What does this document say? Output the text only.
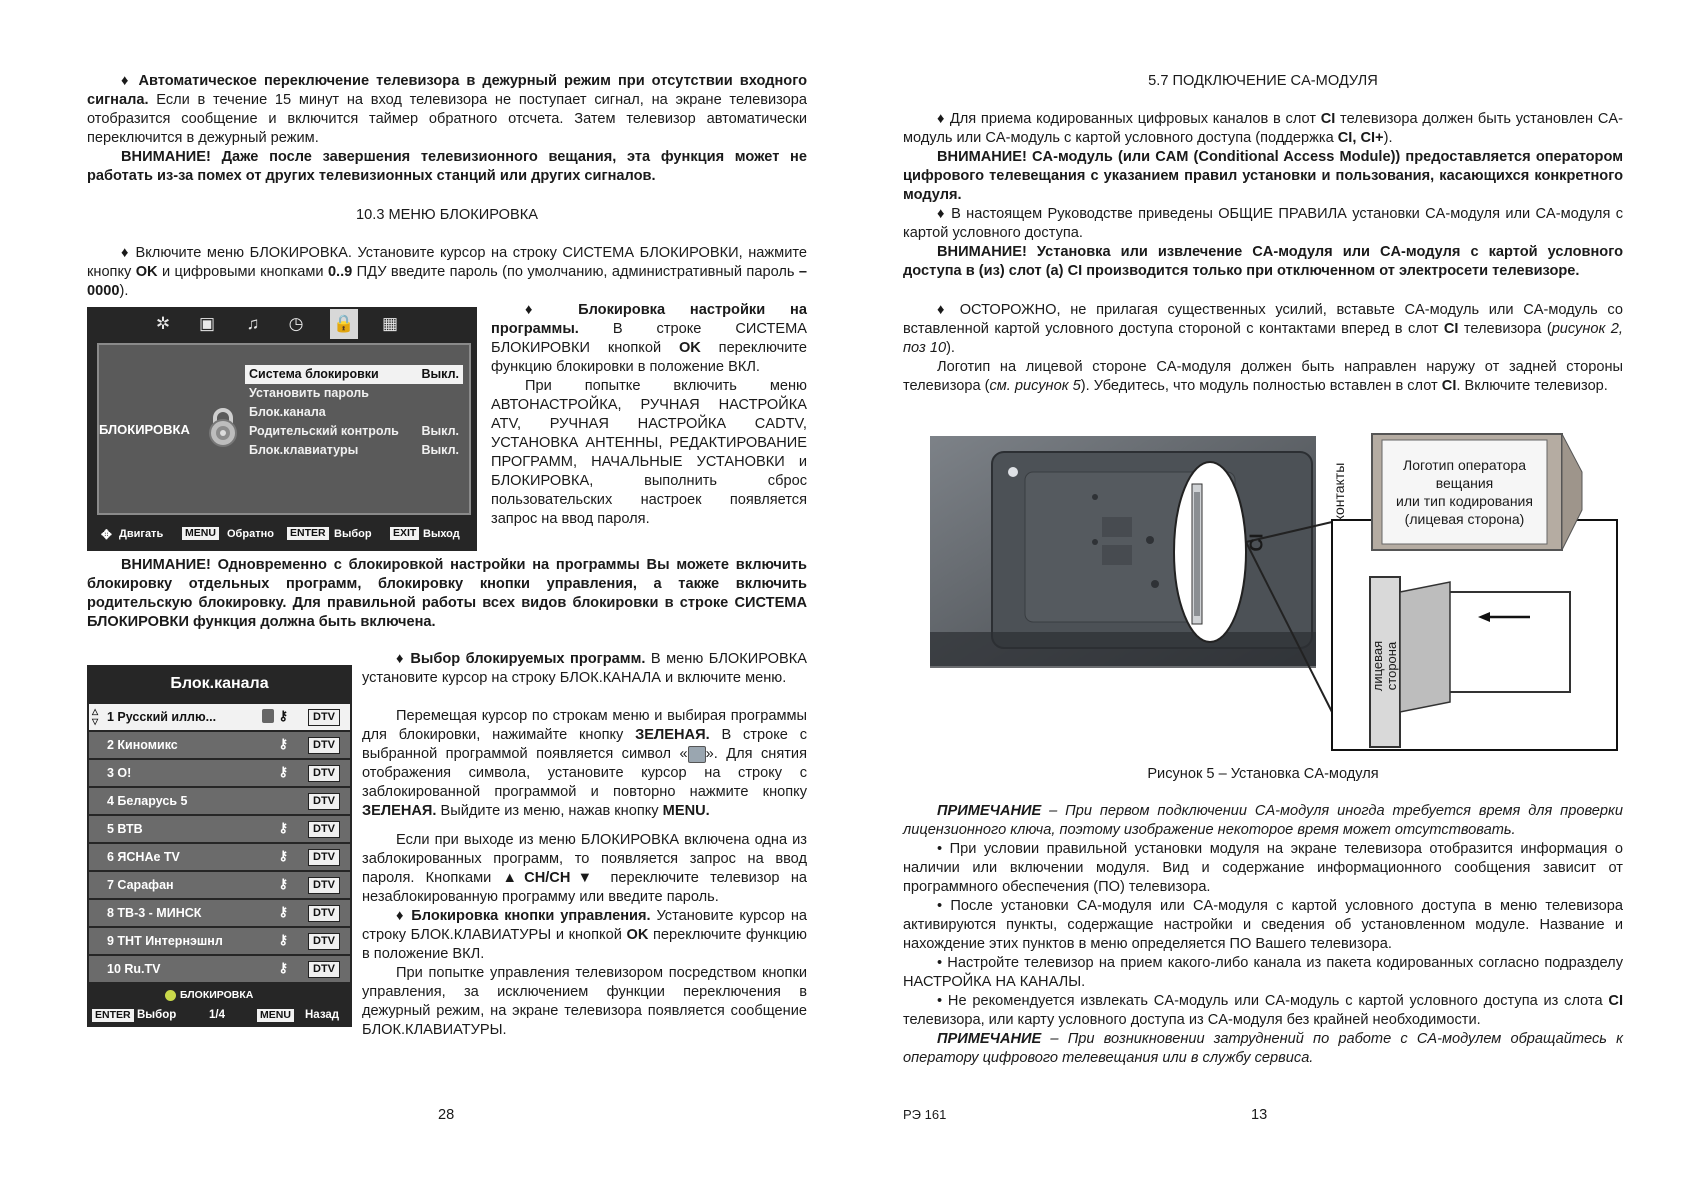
♦ Автоматическое переключение телевизора в дежурный режим при отсутствии входного сигнала. Если в течение 15 минут на вход телевизора не поступает сигнал, на экране телевизора отобразится сообщение и включится таймер обратного отсчета. Затем телевизор автоматически переключится в дежурный режим.

ВНИМАНИЕ! Даже после завершения телевизионного вещания, эта функция может не работать из-за помех от других телевизионных станций или других сигналов.

10.3 МЕНЮ БЛОКИРОВКА

♦ Включите меню БЛОКИРОВКА. Установите курсор на строку СИСТЕМА БЛОКИРОВКИ, нажмите кнопку OK и цифровыми кнопками 0..9 ПДУ введите пароль (по умолчанию, административный пароль – 0000).

♦ Блокировка настройки на программы. В строке СИСТЕМА БЛОКИРОВКИ кнопкой OK переключите функцию блокировки в положение ВКЛ.

При попытке включить меню АВТОНАСТРОЙКА, РУЧНАЯ НАСТРОЙКА ATV, РУЧНАЯ НАСТРОЙКА CADTV, УСТАНОВКА АНТЕННЫ, РЕДАКТИРОВАНИЕ ПРОГРАММ, НАЧАЛЬНЫЕ УСТАНОВКИ и БЛОКИРОВКА, выполнить сброс пользовательских настроек появляется запрос на ввод пароля.

ВНИМАНИЕ! Одновременно с блокировкой настройки на программы Вы можете включить блокировку отдельных программ, блокировку кнопки управления, а также включить родительскую блокировку. Для правильной работы всех видов блокировки в строке СИСТЕМА БЛОКИРОВКИ функция должна быть включена.

♦ Выбор блокируемых программ. В меню БЛОКИРОВКА установите курсор на строку БЛОК.КАНАЛА и включите меню.

Перемещая курсор по строкам меню и выбирая программы для блокировки, нажимайте кнопку ЗЕЛЕНАЯ. В строке с выбранной программой появляется символ « ». Для снятия отображения символа, установите курсор на строку с заблокированной программой и повторно нажмите кнопку ЗЕЛЕНАЯ. Выйдите из меню, нажав кнопку MENU.

Если при выходе из меню БЛОКИРОВКА включена одна из заблокированных программ, то появляется запрос на ввод пароля. Кнопками ▲CH/CH▼ переключите телевизор на незаблокированную программу или введите пароль.

♦ Блокировка кнопки управления. Установите курсор на строку БЛОК.КЛАВИАТУРЫ и кнопкой OK переключите функцию в положение ВКЛ.

При попытке управления телевизором посредством кнопки управления, за исключением функции переключения в дежурный режим, на экране телевизора появляется сообщение БЛОК.КЛАВИАТУРЫ.

28
✲ ▣ ♫ ◷ 🔒 ▦
БЛОКИРОВКА
Система блокировки	Выкл.
Установить пароль
Блок.канала
Родительский контроль Выкл.
Блок.клавиатуры	Выкл.
✥ Двигать MENU Обратно ENTER Выбор EXIT Выход
Блок.канала
△
▽ 1 Русский иллю...	⚷	DTV
2 Киномикс	⚷	DTV
3 O!	⚷	DTV
4 Беларусь 5	DTV
5 ВТВ	⚷	DTV
6 ЯСНАе TV	⚷	DTV
7 Сарафан	⚷	DTV
8 ТВ-3 - МИНСК	⚷	DTV
9 ТНТ Интернэшнл	⚷	DTV
10 Ru.TV	⚷	DTV
БЛОКИРОВКА
ENTER Выбор	1/4	MENU Назад

5.7 ПОДКЛЮЧЕНИЕ CA-МОДУЛЯ

♦ Для приема кодированных цифровых каналов в слот CI телевизора должен быть установлен CA-модуль или CA-модуль с картой условного доступа (поддержка CI, CI+).

ВНИМАНИЕ! CA-модуль (или CAM (Conditional Access Module)) предоставляется оператором цифрового телевещания с указанием правил установки и пользования, касающихся конкретного модуля.

♦ В настоящем Руководстве приведены ОБЩИЕ ПРАВИЛА установки CA-модуля или CA-модуля с картой условного доступа.

ВНИМАНИЕ! Установка или извлечение CA-модуля или CA-модуля с картой условного доступа в (из) слот (а) CI производится только при отключенном от электросети телевизоре.

♦ ОСТОРОЖНО, не прилагая существенных усилий, вставьте CA-модуль или CA-модуль со вставленной картой условного доступа стороной с контактами вперед в слот CI телевизора (рисунок 2, поз 10).

Логотип на лицевой стороне CA-модуля должен быть направлен наружу от задней стороны телевизора (см. рисунок 5). Убедитесь, что модуль полностью вставлен в слот CI. Включите телевизор.

Рисунок 5 – Установка CA-модуля

ПРИМЕЧАНИЕ – При первом подключении CA-модуля иногда требуется время для проверки лицензионного ключа, поэтому изображение некоторое время может отсутствовать.

• При условии правильной установки модуля на экране телевизора отобразится информация о наличии или включении модуля. Вид и содержание информационного сообщения зависит от программного обеспечения (ПО) телевизора.

• После установки CA-модуля или CA-модуля с картой условного доступа в меню телевизора активируются пункты, содержащие настройки и сведения об установленном модуле. Название и нахождение этих пунктов в меню определяется ПО Вашего телевизора.

• Настройте телевизор на прием какого-либо канала из пакета кодированных согласно подразделу НАСТРОЙКА НА КАНАЛЫ.

• Не рекомендуется извлекать CA-модуль или CA-модуль с картой условного доступа из слота CI телевизора, или карту условного доступа из CA-модуля без крайней необходимости.

ПРИМЕЧАНИЕ – При возникновении затруднений по работе с CA-модулем обращайтесь к оператору цифрового телевещания или в службу сервиса.

РЭ 161	13
CI
контакты	Логотип оператора
вещания
или тип кодирования
(лицевая сторона)
лицевая сторона
